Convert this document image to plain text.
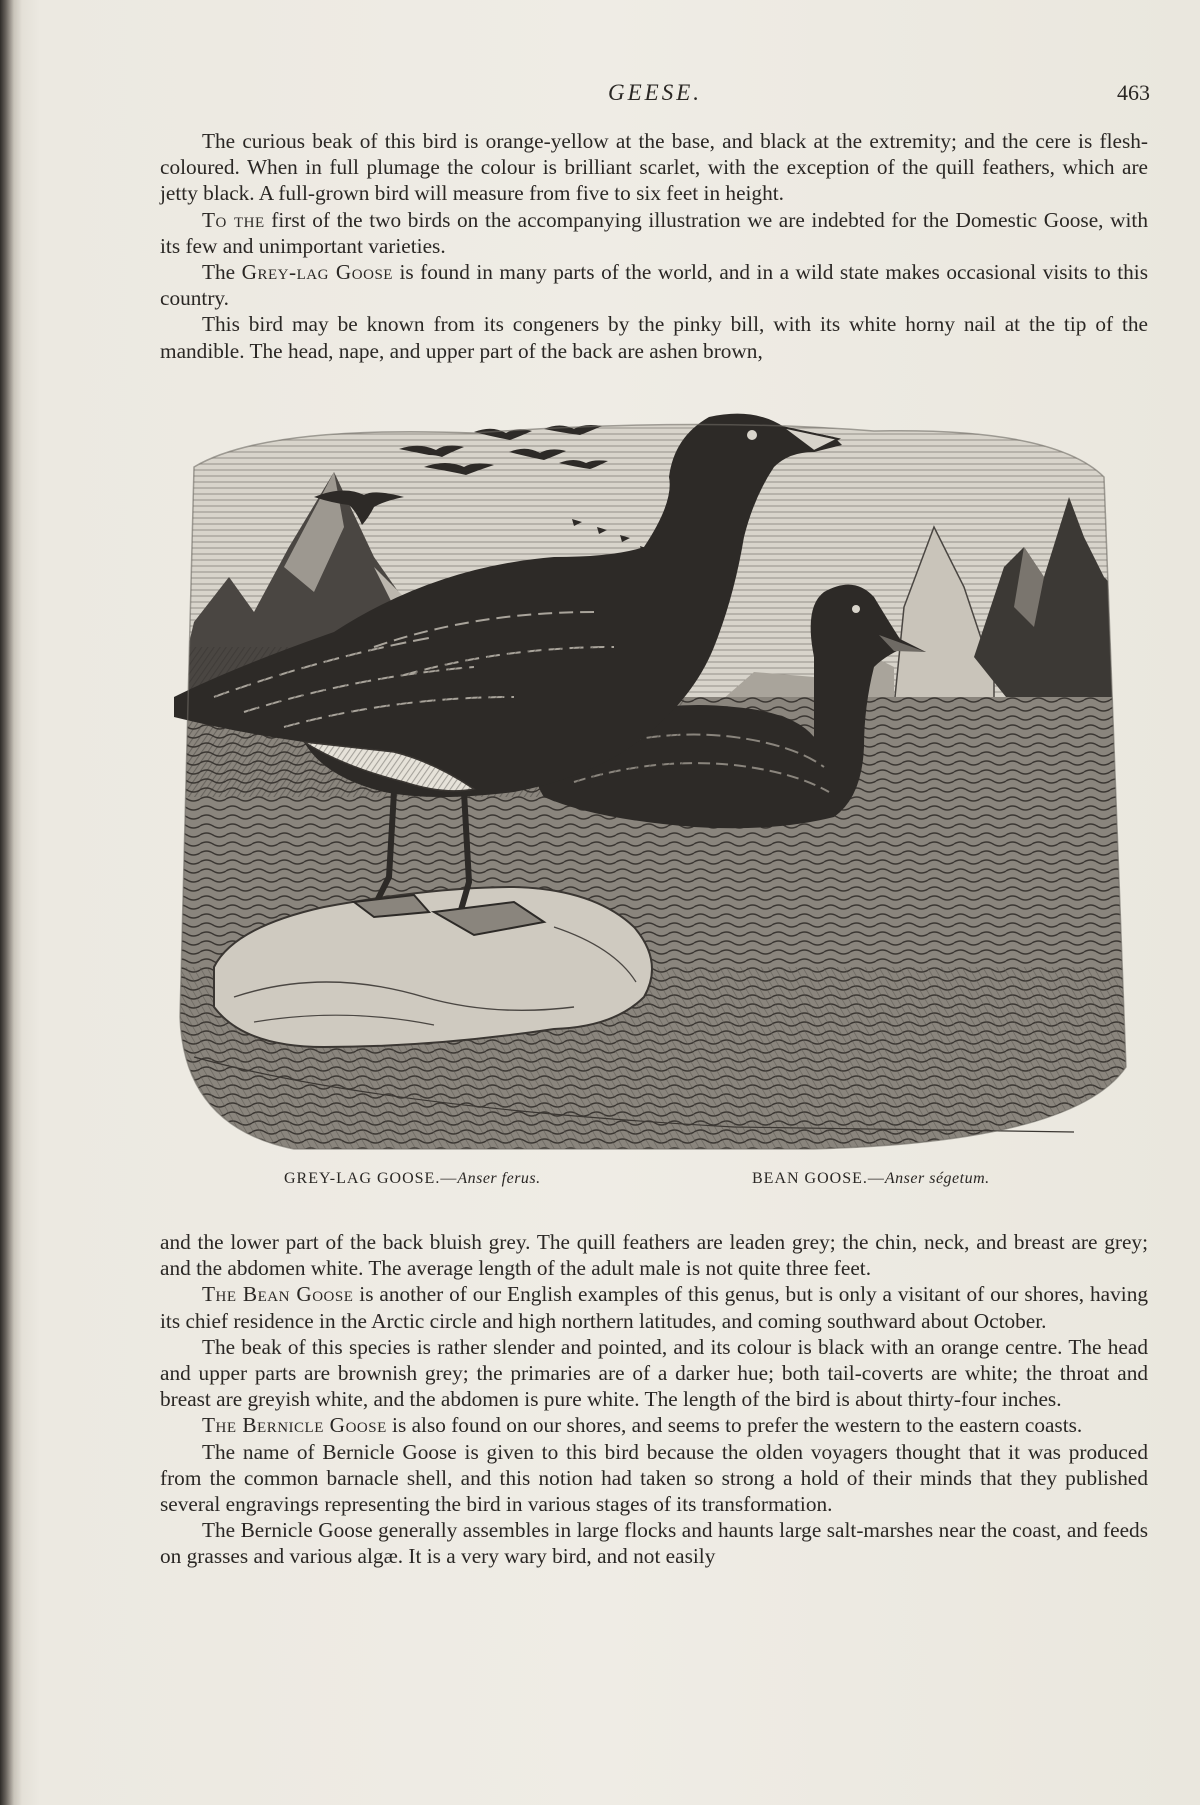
GEESE.	463

The curious beak of this bird is orange-yellow at the base, and black at the extremity; and the cere is flesh-coloured. When in full plumage the colour is brilliant scarlet, with the exception of the quill feathers, which are jetty black. A full-grown bird will measure from five to six feet in height.

To the first of the two birds on the accompanying illustration we are indebted for the Domestic Goose, with its few and unimportant varieties.

The Grey-lag Goose is found in many parts of the world, and in a wild state makes occasional visits to this country.

This bird may be known from its congeners by the pinky bill, with its white horny nail at the tip of the mandible. The head, nape, and upper part of the back are ashen brown,

GREY-LAG GOOSE.—Anser ferus.	BEAN GOOSE.—Anser ségetum.

and the lower part of the back bluish grey. The quill feathers are leaden grey; the chin, neck, and breast are grey; and the abdomen white. The average length of the adult male is not quite three feet.

The Bean Goose is another of our English examples of this genus, but is only a visitant of our shores, having its chief residence in the Arctic circle and high northern latitudes, and coming southward about October.

The beak of this species is rather slender and pointed, and its colour is black with an orange centre. The head and upper parts are brownish grey; the primaries are of a darker hue; both tail-coverts are white; the throat and breast are greyish white, and the abdomen is pure white. The length of the bird is about thirty-four inches.

The Bernicle Goose is also found on our shores, and seems to prefer the western to the eastern coasts.

The name of Bernicle Goose is given to this bird because the olden voyagers thought that it was produced from the common barnacle shell, and this notion had taken so strong a hold of their minds that they published several engravings representing the bird in various stages of its transformation.

The Bernicle Goose generally assembles in large flocks and haunts large salt-marshes near the coast, and feeds on grasses and various algæ. It is a very wary bird, and not easily
